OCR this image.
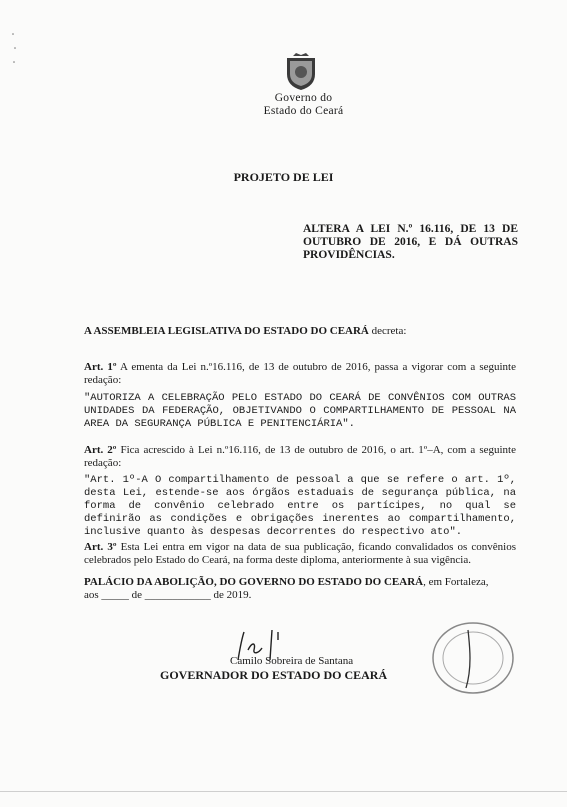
Governo do
Estado do Ceará
PROJETO DE LEI
ALTERA A LEI N.º 16.116, DE 13 DE OUTUBRO DE 2016, E DÁ OUTRAS PROVIDÊNCIAS.
A ASSEMBLEIA LEGISLATIVA DO ESTADO DO CEARÁ decreta:
Art. 1º A ementa da Lei n.º16.116, de 13 de outubro de 2016, passa a vigorar com a seguinte redação:
"AUTORIZA A CELEBRAÇÃO PELO ESTADO DO CEARÁ DE CONVÊNIOS COM OUTRAS UNIDADES DA FEDERAÇÃO, OBJETIVANDO O COMPARTILHAMENTO DE PESSOAL NA AREA DA SEGURANÇA PÚBLICA E PENITENCIÁRIA".
Art. 2º Fica acrescido à Lei n.º16.116, de 13 de outubro de 2016, o art. 1º–A, com a seguinte redação:
"Art. 1º-A O compartilhamento de pessoal a que se refere o art. 1º, desta Lei, estende-se aos órgãos estaduais de segurança pública, na forma de convênio celebrado entre os partícipes, no qual se definirão as condições e obrigações inerentes ao compartilhamento, inclusive quanto às despesas decorrentes do respectivo ato".
Art. 3º Esta Lei entra em vigor na data de sua publicação, ficando convalidados os convênios celebrados pelo Estado do Ceará, na forma deste diploma, anteriormente à sua vigência.
PALÁCIO DA ABOLIÇÃO, DO GOVERNO DO ESTADO DO CEARÁ, em Fortaleza,
aos _____ de ____________ de 2019.
Camilo Sobreira de Santana
GOVERNADOR DO ESTADO DO CEARÁ
